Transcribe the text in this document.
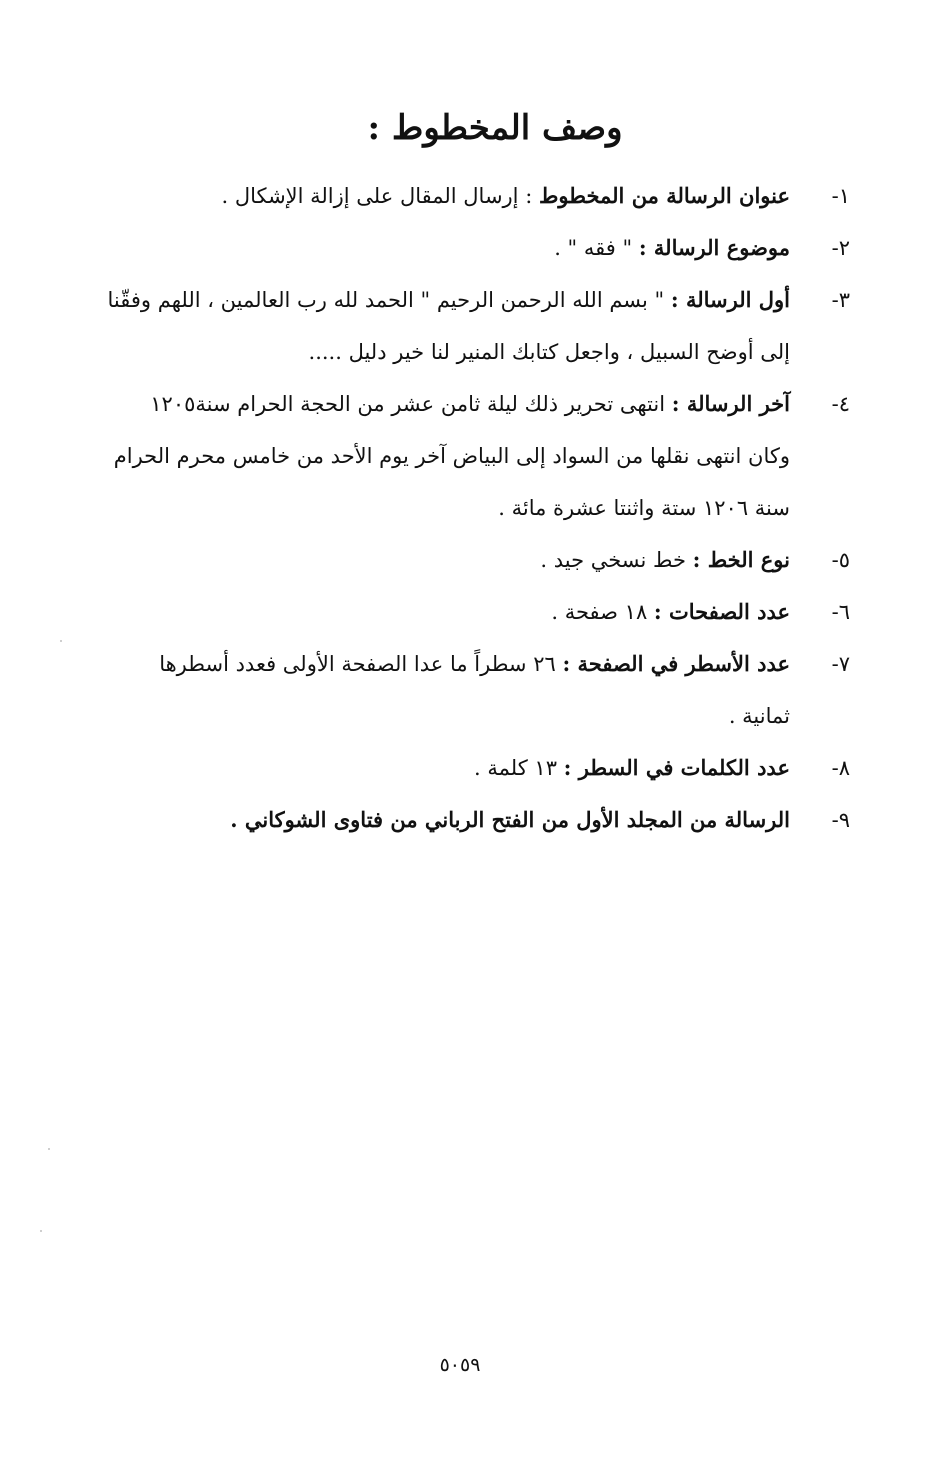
وصف المخطوط :
١-
عنوان الرسالة من المخطوط : إرسال المقال على إزالة الإشكال .
٢-
موضوع الرسالة : " فقه " .
٣-
أول الرسالة : " بسم الله الرحمن الرحيم " الحمد لله رب العالمين ، اللهم وفقّنا
إلى أوضح السبيل ، واجعل كتابك المنير لنا خير دليل .....
٤-
آخر الرسالة : انتهى تحرير ذلك ليلة ثامن عشر من الحجة الحرام سنة١٢٠٥
وكان انتهى نقلها من السواد إلى البياض آخر يوم الأحد من خامس محرم الحرام
سنة ١٢٠٦ ستة واثنتا عشرة مائة .
٥-
نوع الخط : خط نسخي جيد .
٦-
عدد الصفحات : ١٨ صفحة .
٧-
عدد الأسطر في الصفحة : ٢٦ سطراً ما عدا الصفحة الأولى فعدد أسطرها
ثمانية .
٨-
عدد الكلمات في السطر : ١٣ كلمة .
٩-
الرسالة من المجلد الأول من الفتح الرباني من فتاوى الشوكاني .
٥٠٥٩
